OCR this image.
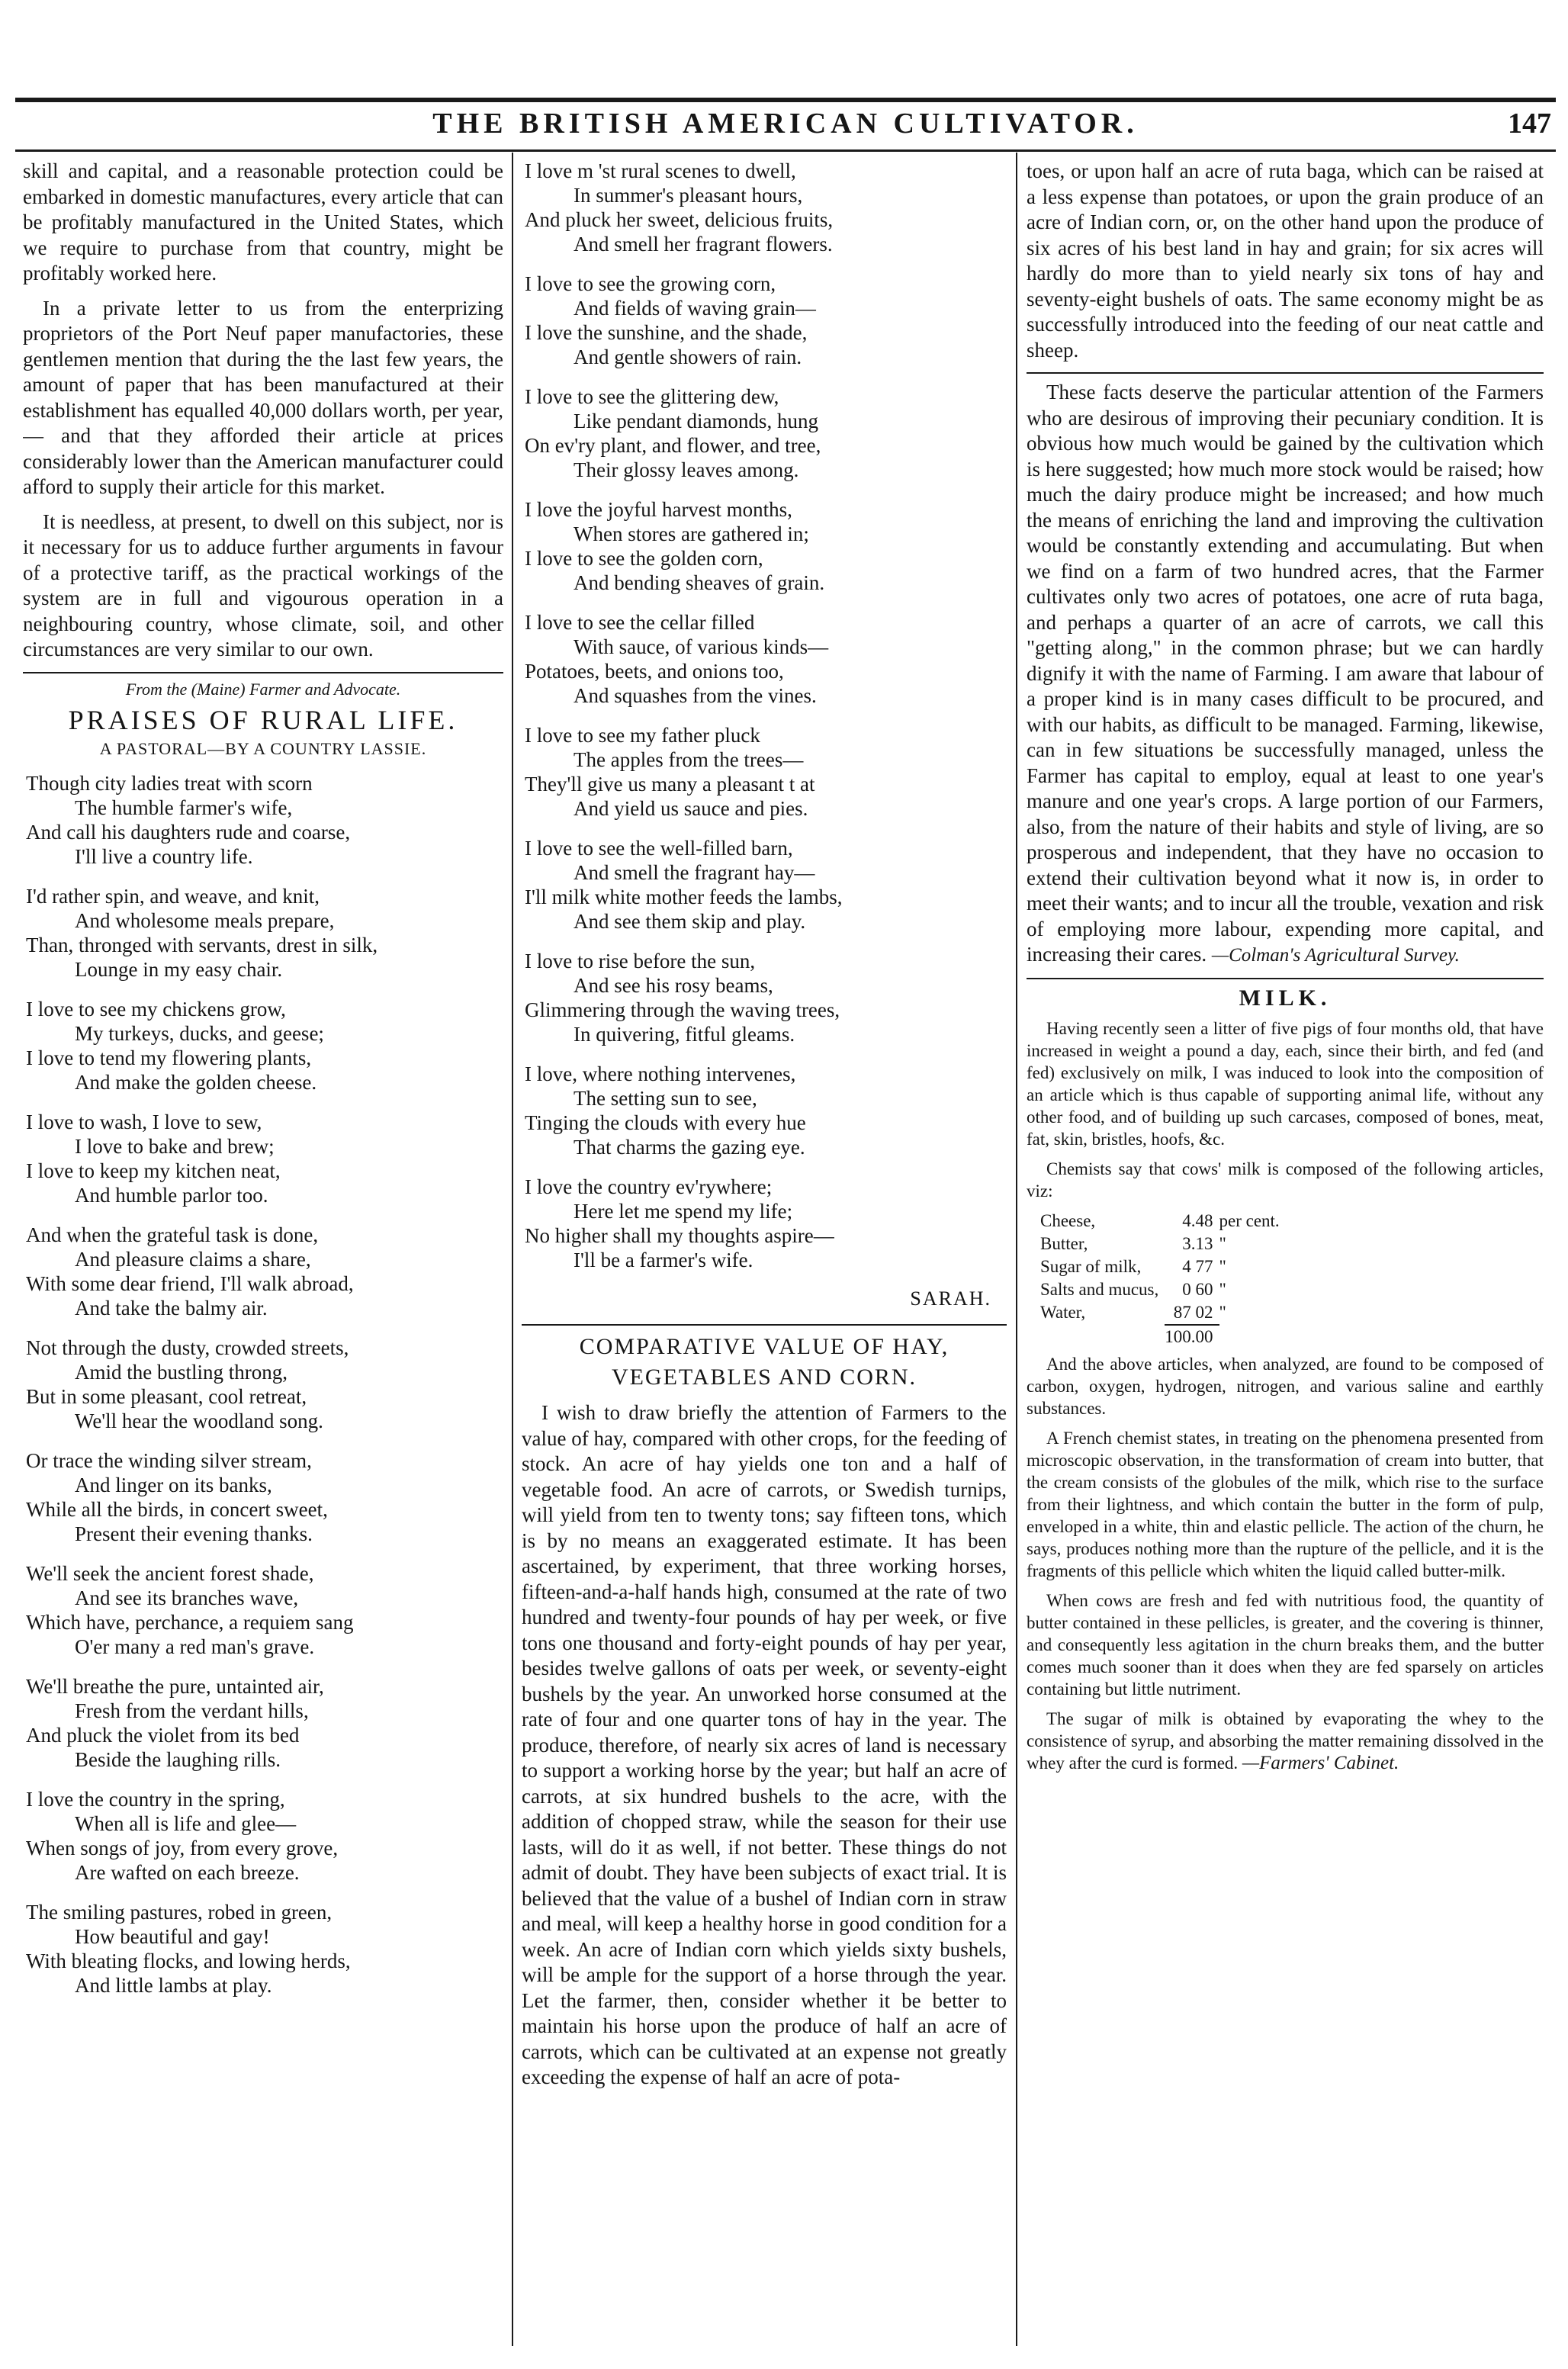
THE BRITISH AMERICAN CULTIVATOR.	147

skill and capital, and a reasonable protection could be embarked in domestic manufactures, every article that can be profitably manufactured in the United States, which we require to purchase from that country, might be profitably worked here.

In a private letter to us from the enterprizing proprietors of the Port Neuf paper manufactories, these gentlemen mention that during the the last few years, the amount of paper that has been manufactured at their establishment has equalled 40,000 dollars worth, per year,— and that they afforded their article at prices considerably lower than the American manufacturer could afford to supply their article for this market.

It is needless, at present, to dwell on this subject, nor is it necessary for us to adduce further arguments in favour of a protective tariff, as the practical workings of the system are in full and vigourous operation in a neighbouring country, whose climate, soil, and other circumstances are very similar to our own.

From the (Maine) Farmer and Advocate.
PRAISES OF RURAL LIFE.
A PASTORAL—BY A COUNTRY LASSIE.
Though city ladies treat with scorn
The humble farmer's wife,
And call his daughters rude and coarse,
I'll live a country life.
I'd rather spin, and weave, and knit,
And wholesome meals prepare,
Than, thronged with servants, drest in silk,
Lounge in my easy chair.
I love to see my chickens grow,
My turkeys, ducks, and geese;
I love to tend my flowering plants,
And make the golden cheese.
I love to wash, I love to sew,
I love to bake and brew;
I love to keep my kitchen neat,
And humble parlor too.
And when the grateful task is done,
And pleasure claims a share,
With some dear friend, I'll walk abroad,
And take the balmy air.
Not through the dusty, crowded streets,
Amid the bustling throng,
But in some pleasant, cool retreat,
We'll hear the woodland song.
Or trace the winding silver stream,
And linger on its banks,
While all the birds, in concert sweet,
Present their evening thanks.
We'll seek the ancient forest shade,
And see its branches wave,
Which have, perchance, a requiem sang
O'er many a red man's grave.
We'll breathe the pure, untainted air,
Fresh from the verdant hills,
And pluck the violet from its bed
Beside the laughing rills.
I love the country in the spring,
When all is life and glee—
When songs of joy, from every grove,
Are wafted on each breeze.
The smiling pastures, robed in green,
How beautiful and gay!
With bleating flocks, and lowing herds,
And little lambs at play.
I love m 'st rural scenes to dwell,
In summer's pleasant hours,
And pluck her sweet, delicious fruits,
And smell her fragrant flowers.
I love to see the growing corn,
And fields of waving grain—
I love the sunshine, and the shade,
And gentle showers of rain.
I love to see the glittering dew,
Like pendant diamonds, hung
On ev'ry plant, and flower, and tree,
Their glossy leaves among.
I love the joyful harvest months,
When stores are gathered in;
I love to see the golden corn,
And bending sheaves of grain.
I love to see the cellar filled
With sauce, of various kinds—
Potatoes, beets, and onions too,
And squashes from the vines.
I love to see my father pluck
The apples from the trees—
They'll give us many a pleasant t at
And yield us sauce and pies.
I love to see the well-filled barn,
And smell the fragrant hay—
I'll milk white mother feeds the lambs,
And see them skip and play.
I love to rise before the sun,
And see his rosy beams,
Glimmering through the waving trees,
In quivering, fitful gleams.
I love, where nothing intervenes,
The setting sun to see,
Tinging the clouds with every hue
That charms the gazing eye.
I love the country ev'rywhere;
Here let me spend my life;
No higher shall my thoughts aspire—
I'll be a farmer's wife.
SARAH.
COMPARATIVE VALUE OF HAY,
VEGETABLES AND CORN.

I wish to draw briefly the attention of Farmers to the value of hay, compared with other crops, for the feeding of stock. An acre of hay yields one ton and a half of vegetable food. An acre of carrots, or Swedish turnips, will yield from ten to twenty tons; say fifteen tons, which is by no means an exaggerated estimate. It has been ascertained, by experiment, that three working horses, fifteen-and-a-half hands high, consumed at the rate of two hundred and twenty-four pounds of hay per week, or five tons one thousand and forty-eight pounds of hay per year, besides twelve gallons of oats per week, or seventy-eight bushels by the year. An unworked horse consumed at the rate of four and one quarter tons of hay in the year. The produce, therefore, of nearly six acres of land is necessary to support a working horse by the year; but half an acre of carrots, at six hundred bushels to the acre, with the addition of chopped straw, while the season for their use lasts, will do it as well, if not better. These things do not admit of doubt. They have been subjects of exact trial. It is believed that the value of a bushel of Indian corn in straw and meal, will keep a healthy horse in good condition for a week. An acre of Indian corn which yields sixty bushels, will be ample for the support of a horse through the year. Let the farmer, then, consider whether it be better to maintain his horse upon the produce of half an acre of carrots, which can be cultivated at an expense not greatly exceeding the expense of half an acre of pota-

toes, or upon half an acre of ruta baga, which can be raised at a less expense than potatoes, or upon the grain produce of an acre of Indian corn, or, on the other hand upon the produce of six acres of his best land in hay and grain; for six acres will hardly do more than to yield nearly six tons of hay and seventy-eight bushels of oats. The same economy might be as successfully introduced into the feeding of our neat cattle and sheep.

These facts deserve the particular attention of the Farmers who are desirous of improving their pecuniary condition. It is obvious how much would be gained by the cultivation which is here suggested; how much more stock would be raised; how much the dairy produce might be increased; and how much the means of enriching the land and improving the cultivation would be constantly extending and accumulating. But when we find on a farm of two hundred acres, that the Farmer cultivates only two acres of potatoes, one acre of ruta baga, and perhaps a quarter of an acre of carrots, we call this "getting along," in the common phrase; but we can hardly dignify it with the name of Farming. I am aware that labour of a proper kind is in many cases difficult to be procured, and with our habits, as difficult to be managed. Farming, likewise, can in few situations be successfully managed, unless the Farmer has capital to employ, equal at least to one year's manure and one year's crops. A large portion of our Farmers, also, from the nature of their habits and style of living, are so prosperous and independent, that they have no occasion to extend their cultivation beyond what it now is, in order to meet their wants; and to incur all the trouble, vexation and risk of employing more labour, expending more capital, and increasing their cares. —Colman's Agricultural Survey.

MILK.

Having recently seen a litter of five pigs of four months old, that have increased in weight a pound a day, each, since their birth, and fed (and fed) exclusively on milk, I was induced to look into the composition of an article which is thus capable of supporting animal life, without any other food, and of building up such carcases, composed of bones, meat, fat, skin, bristles, hoofs, &c.

Chemists say that cows' milk is composed of the following articles, viz:

Cheese,	4.48	per cent.
Butter,	3.13	"
Sugar of milk,	4 77	"
Salts and mucus,	0 60	"
Water,	87 02	"
	100.00	

And the above articles, when analyzed, are found to be composed of carbon, oxygen, hydrogen, nitrogen, and various saline and earthly substances.

A French chemist states, in treating on the phenomena presented from microscopic observation, in the transformation of cream into butter, that the cream consists of the globules of the milk, which rise to the surface from their lightness, and which contain the butter in the form of pulp, enveloped in a white, thin and elastic pellicle. The action of the churn, he says, produces nothing more than the rupture of the pellicle, and it is the fragments of this pellicle which whiten the liquid called butter-milk.

When cows are fresh and fed with nutritious food, the quantity of butter contained in these pellicles, is greater, and the covering is thinner, and consequently less agitation in the churn breaks them, and the butter comes much sooner than it does when they are fed sparsely on articles containing but little nutriment.

The sugar of milk is obtained by evaporating the whey to the consistence of syrup, and absorbing the matter remaining dissolved in the whey after the curd is formed. —Farmers' Cabinet.
